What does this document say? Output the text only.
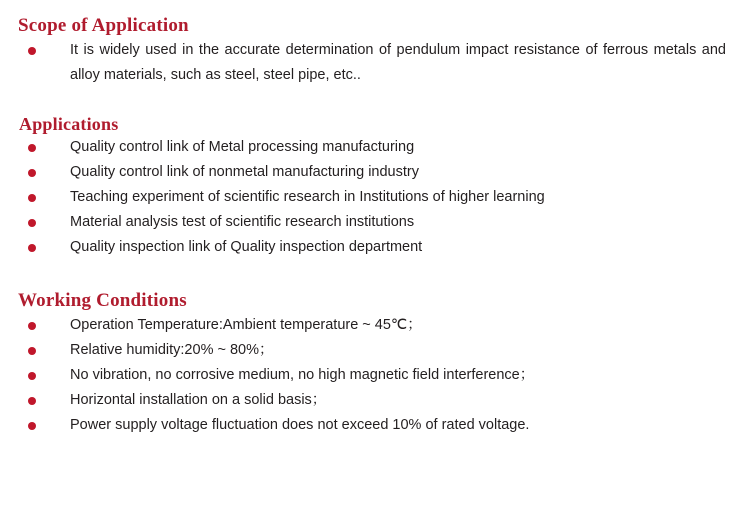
Scope of Application
It is widely used in the accurate determination of pendulum impact resistance of ferrous metals and alloy materials, such as steel, steel pipe, etc..
Applications
Quality control link of Metal processing manufacturing
Quality control link of nonmetal manufacturing industry
Teaching experiment of scientific research in Institutions of higher learning
Material analysis test of scientific research institutions
Quality inspection link of Quality inspection department
Working Conditions
Operation Temperature:Ambient temperature ~ 45℃；
Relative humidity:20% ~ 80%；
No vibration, no corrosive medium, no high magnetic field interference；
Horizontal installation on a solid basis；
Power supply voltage fluctuation does not exceed 10% of rated voltage.
